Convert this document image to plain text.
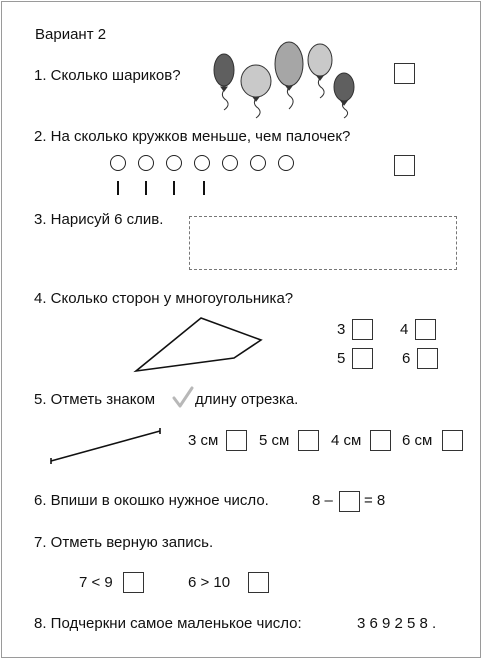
Вариант 2
1. Сколько шариков?
2. На сколько кружков меньше, чем палочек?
3. Нарисуй 6 слив.
4. Сколько сторон у многоугольника?
3	4
5	6
5. Отметь знаком	длину отрезка.
3 см	5 см	4 см	6 см
6. Впиши в окошко нужное число.	8 – = 8
7. Отметь верную запись.
7 < 9	6 > 10
8. Подчеркни самое маленькое число:	3 6 9 2 5 8 .
